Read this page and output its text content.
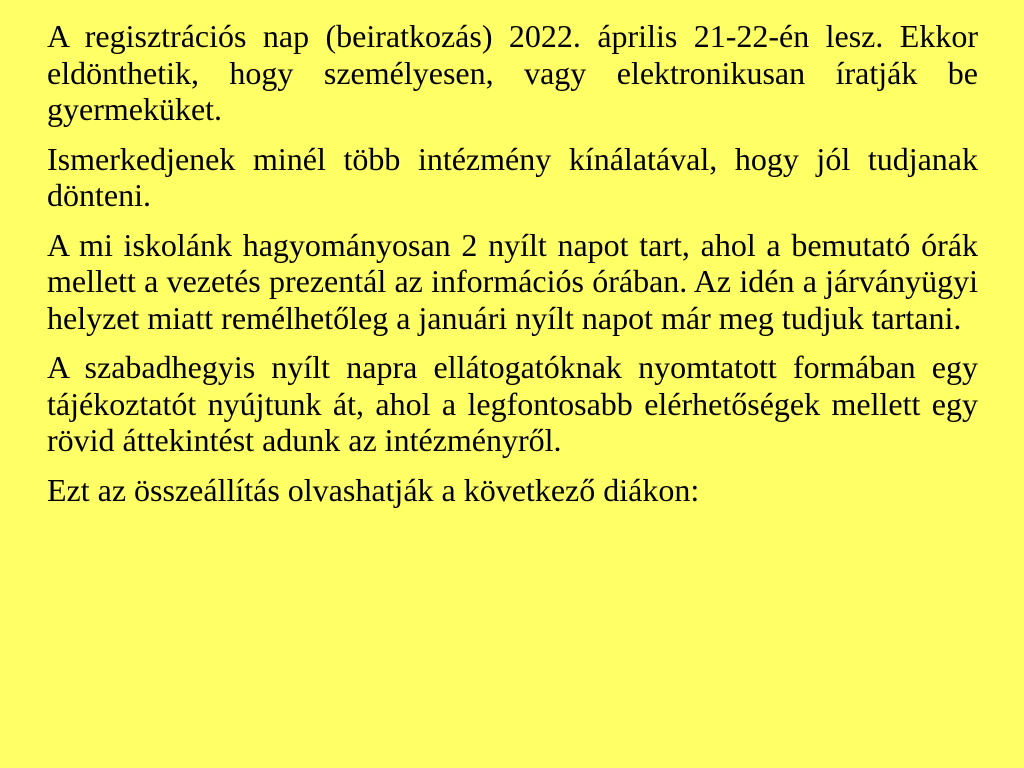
A regisztrációs nap (beiratkozás) 2022. április 21-22-én lesz. Ekkor eldönthetik, hogy személyesen, vagy elektronikusan íratják be gyermeküket.

Ismerkedjenek minél több intézmény kínálatával, hogy jól tudjanak dönteni.

A mi iskolánk hagyományosan 2 nyílt napot tart, ahol a bemutató órák mellett a vezetés prezentál az információs órában. Az idén a járványügyi helyzet miatt remélhetőleg a januári nyílt napot már meg tudjuk tartani.

A szabadhegyis nyílt napra ellátogatóknak nyomtatott formában egy tájékoztatót nyújtunk át, ahol a legfontosabb elérhetőségek mellett egy rövid áttekintést adunk az intézményről.

Ezt az összeállítás olvashatják a következő diákon:
